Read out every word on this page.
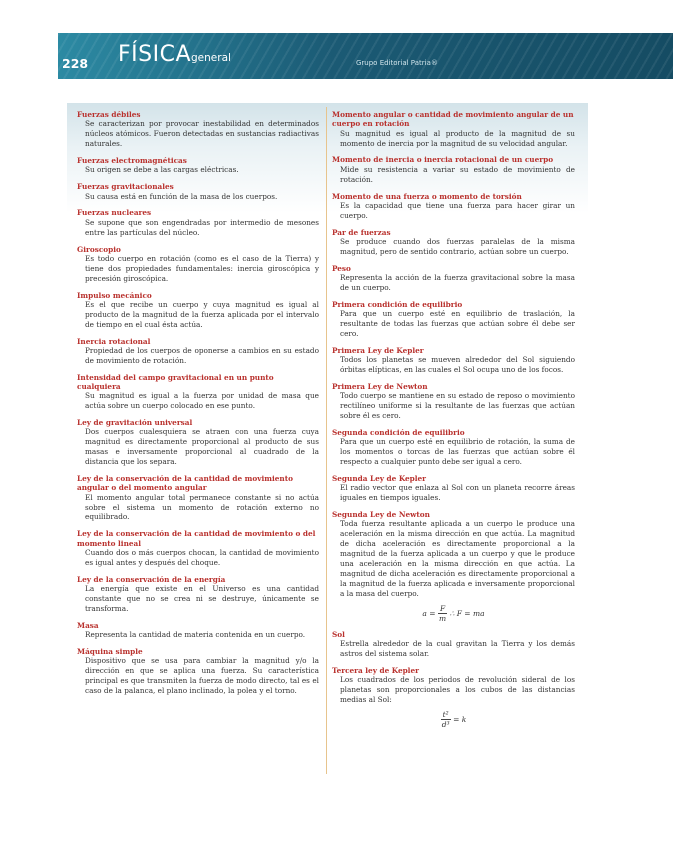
228	FÍSICAgeneral	Grupo Editorial Patria®
Fuerzas débiles
Se caracterizan por provocar inestabilidad en determinados núcleos atómicos. Fueron detectadas en sustancias radiactivas naturales.
Fuerzas electromagnéticas
Su origen se debe a las cargas eléctricas.
Fuerzas gravitacionales
Su causa está en función de la masa de los cuerpos.
Fuerzas nucleares
Se supone que son engendradas por intermedio de mesones entre las partículas del núcleo.
Giroscopio
Es todo cuerpo en rotación (como es el caso de la Tierra) y tiene dos propiedades fundamentales: inercia giroscópica y precesión giroscópica.
Impulso mecánico
Es el que recibe un cuerpo y cuya magnitud es igual al producto de la magnitud de la fuerza aplicada por el intervalo de tiempo en el cual ésta actúa.
Inercia rotacional
Propiedad de los cuerpos de oponerse a cambios en su estado de movimiento de rotación.
Intensidad del campo gravitacional en un punto cualquiera
Su magnitud es igual a la fuerza por unidad de masa que actúa sobre un cuerpo colocado en ese punto.
Ley de gravitación universal
Dos cuerpos cualesquiera se atraen con una fuerza cuya magnitud es directamente proporcional al producto de sus masas e inversamente proporcional al cuadrado de la distancia que los separa.
Ley de la conservación de la cantidad de movimiento angular o del momento angular
El momento angular total permanece constante si no actúa sobre el sistema un momento de rotación externo no equilibrado.
Ley de la conservación de la cantidad de movimiento o del momento lineal
Cuando dos o más cuerpos chocan, la cantidad de movimiento es igual antes y después del choque.
Ley de la conservación de la energía
La energía que existe en el Universo es una cantidad constante que no se crea ni se destruye, únicamente se transforma.
Masa
Representa la cantidad de materia contenida en un cuerpo.
Máquina simple
Dispositivo que se usa para cambiar la magnitud y/o la dirección en que se aplica una fuerza. Su característica principal es que transmiten la fuerza de modo directo, tal es el caso de la palanca, el plano inclinado, la polea y el torno.
Momento angular o cantidad de movimiento angular de un cuerpo en rotación
Su magnitud es igual al producto de la magnitud de su momento de inercia por la magnitud de su velocidad angular.
Momento de inercia o inercia rotacional de un cuerpo
Mide su resistencia a variar su estado de movimiento de rotación.
Momento de una fuerza o momento de torsión
Es la capacidad que tiene una fuerza para hacer girar un cuerpo.
Par de fuerzas
Se produce cuando dos fuerzas paralelas de la misma magnitud, pero de sentido contrario, actúan sobre un cuerpo.
Peso
Representa la acción de la fuerza gravitacional sobre la masa de un cuerpo.
Primera condición de equilibrio
Para que un cuerpo esté en equilibrio de traslación, la resultante de todas las fuerzas que actúan sobre él debe ser cero.
Primera Ley de Kepler
Todos los planetas se mueven alrededor del Sol siguiendo órbitas elípticas, en las cuales el Sol ocupa uno de los focos.
Primera Ley de Newton
Todo cuerpo se mantiene en su estado de reposo o movimiento rectilíneo uniforme si la resultante de las fuerzas que actúan sobre él es cero.
Segunda condición de equilibrio
Para que un cuerpo esté en equilibrio de rotación, la suma de los momentos o torcas de las fuerzas que actúan sobre él respecto a cualquier punto debe ser igual a cero.
Segunda Ley de Kepler
El radio vector que enlaza al Sol con un planeta recorre áreas iguales en tiempos iguales.
Segunda Ley de Newton
Toda fuerza resultante aplicada a un cuerpo le produce una aceleración en la misma dirección en que actúa. La magnitud de dicha aceleración es directamente proporcional a la magnitud de la fuerza aplicada a un cuerpo y que le produce una aceleración en la misma dirección en que actúa. La magnitud de dicha aceleración es directamente proporcional a la magnitud de la fuerza aplicada e inversamente proporcional a la masa del cuerpo.
$a = \frac{F}{m}$ ∴ F = ma
Sol
Estrella alrededor de la cual gravitan la Tierra y los demás astros del sistema solar.
Tercera ley de Kepler
Los cuadrados de los periodos de revolución sideral de los planetas son proporcionales a los cubos de las distancias medias al Sol:
$\frac{\text{t²}}{\text{d³}} = k$
